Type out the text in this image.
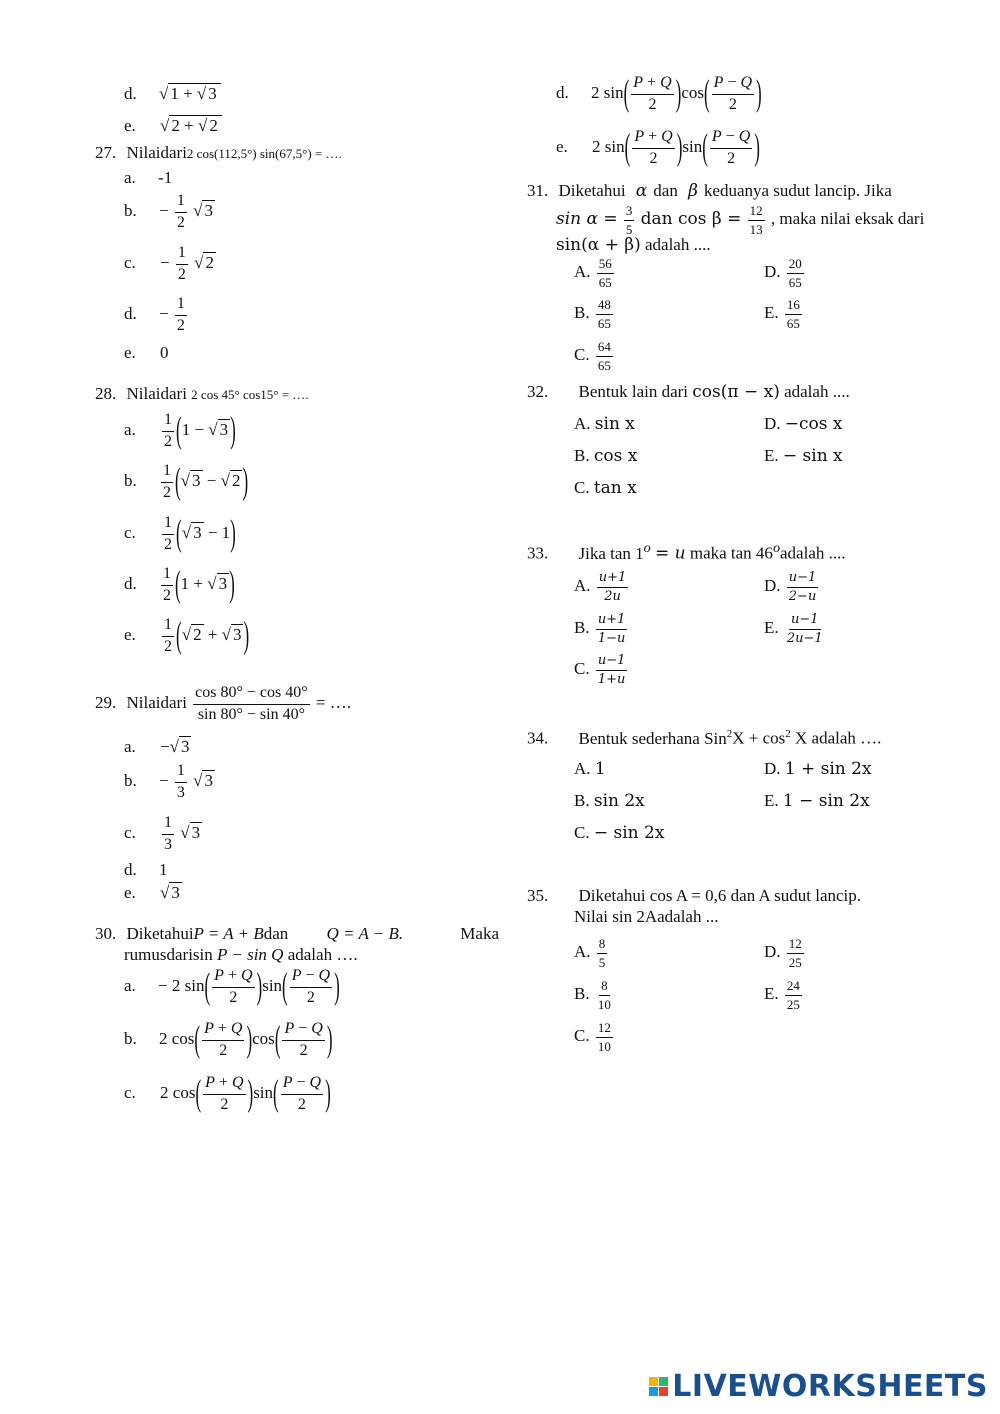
d. √ 1 + √ 3
e. √ 2 + √ 2
27. Nilaidari2 cos(112,5°) sin(67,5°) = ….
a. -1
b. − $\frac{1}{2}$ √ 3
c. − $\frac{1}{2}$ √ 2
d. − $\frac{1}{2}$
e. 0
28. Nilaidari 2 cos 45° cos15° = ….
a. $\frac{1}{2} (1$ − √ 3 )
b. $\frac{1}{2}$ (√ 3 − √ 2 )
c. $\frac{1}{2}$ (√ 3 − 1)
d. $\frac{1}{2} (1$ + √ 3 )
e. $\frac{1}{2}$ (√ 2 + √ 3 )
29. Nilaidari $\frac{\cos 80^\circ - \cos 40^\circ}{\sin 80^\circ - \sin 40^\circ}$ = ….
a. −√ 3
b. − $\frac{1}{3}$ √ 3
c. $\frac{1}{3}$ √ 3
d. 1
e. √ 3
30. DiketahuiP = A + Bdan Q = A − B.	Maka
rumusdarisin P − sin Q adalah ….
a. − 2 $\sin( \frac{P + Q}{2} )\sin( \frac{P - Q}{2}$ )
b. 2 $\cos( \frac{P + Q}{2} )\cos( \frac{P - Q}{2}$ )
c. 2 $\cos( \frac{P + Q}{2} )\sin( \frac{P - Q}{2}$ )
d. 2 $\sin( \frac{P + Q}{2} )\cos( \frac{P - Q}{2}$ )
e. 2 $\sin( \frac{P + Q}{2} )\sin( \frac{P - Q}{2}$ )
31. Diketahui α dan β keduanya sudut lancip. Jika
$\sin \alpha = \frac{3}{5}$ dan $\cos \beta = \frac{12}{13}$ , maka nilai eksak dari
sin(α + β) adalah ....
A. $\frac{56}{65}$	D. $\frac{20}{65}$
B. $\frac{48}{65}$	E. $\frac{16}{65}$
C. $\frac{64}{65}$
32. Bentuk lain dari cos(π − x) adalah ....
A. sin x	D. −cos x
B. cos x	E. − sin x
C. tan x
33. Jika $\tan 1^o = u$ maka tan 46$^o$adalah ....
A. $\frac{u+1}{2u}$	D. $\frac{u-1}{2-u}$
B. $\frac{u+1}{1-u}$	E. $\frac{u-1}{2u-1}$
C. $\frac{u-1}{1+u}$
34. Bentuk sederhana $Sin^2X + \cos^2 X$ adalah ….
A. 1	D. 1 + sin 2x
B. sin 2x	E. 1 − sin 2x
C. − sin 2x
35. Diketahui cos A = 0,6 dan A sudut lancip.
Nilai sin 2Aadalah ...
A. $\frac{8}{5}$	D. $\frac{12}{25}$
B. $\frac{8}{10}$	E. $\frac{24}{25}$
C. $\frac{12}{10}$
LIVEWORKSHEETS
